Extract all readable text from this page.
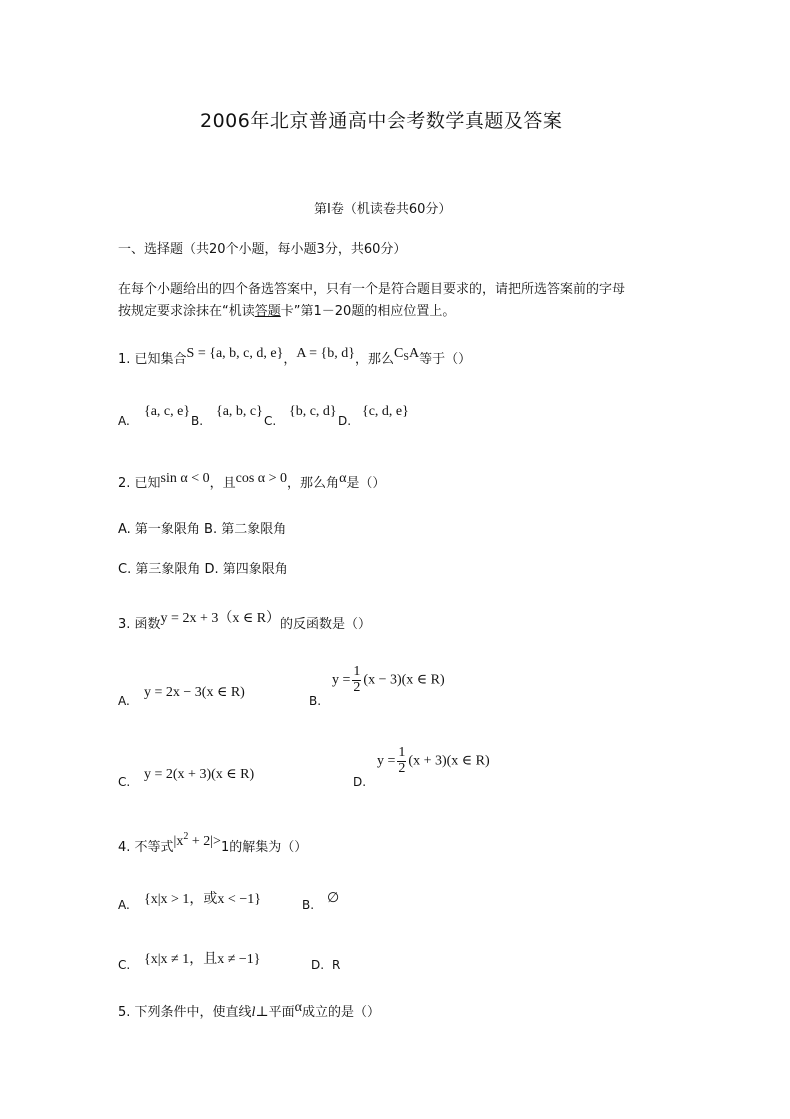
2006年北京普通高中会考数学真题及答案
第Ⅰ卷（机读卷共60分）
一、选择题（共20个小题，每小题3分，共60分）
在每个小题给出的四个备选答案中，只有一个是符合题目要求的，请把所选答案前的字母
按规定要求涂抹在“机读答题卡”第1－20题的相应位置上。
1. 已知集合S = {a, b, c, d, e}，A = {b, d}，那么$C_SA$等于（）
A.
{a, c, e}
B.
{a, b, c}
C.
{b, c, d}
D.
{c, d, e}
2. 已知sin α < 0，且cos α > 0，那么角α是（）
A. 第一象限角 B. 第二象限角
C. 第三象限角 D. 第四象限角
3. 函数y = 2x + 3（x ∈ R）的反函数是（）
A.
y = 2x − 3(x ∈ R)
B.
$y = \frac{1}{2} (x - 3)(x$ ∈ R)
C. y = 2(x + 3)(x ∈ R)	D.
$y = \frac{1}{2} (x + 3)(x$ ∈ R)
4. 不等式$|x^2 + 2|>1$的解集为（）
A. {x|x > 1，或x < −1}	B. ∅
C. {x|x ≠ 1，且x ≠ −1}	D. R
5. 下列条件中，使直线l⊥平面α成立的是（）
